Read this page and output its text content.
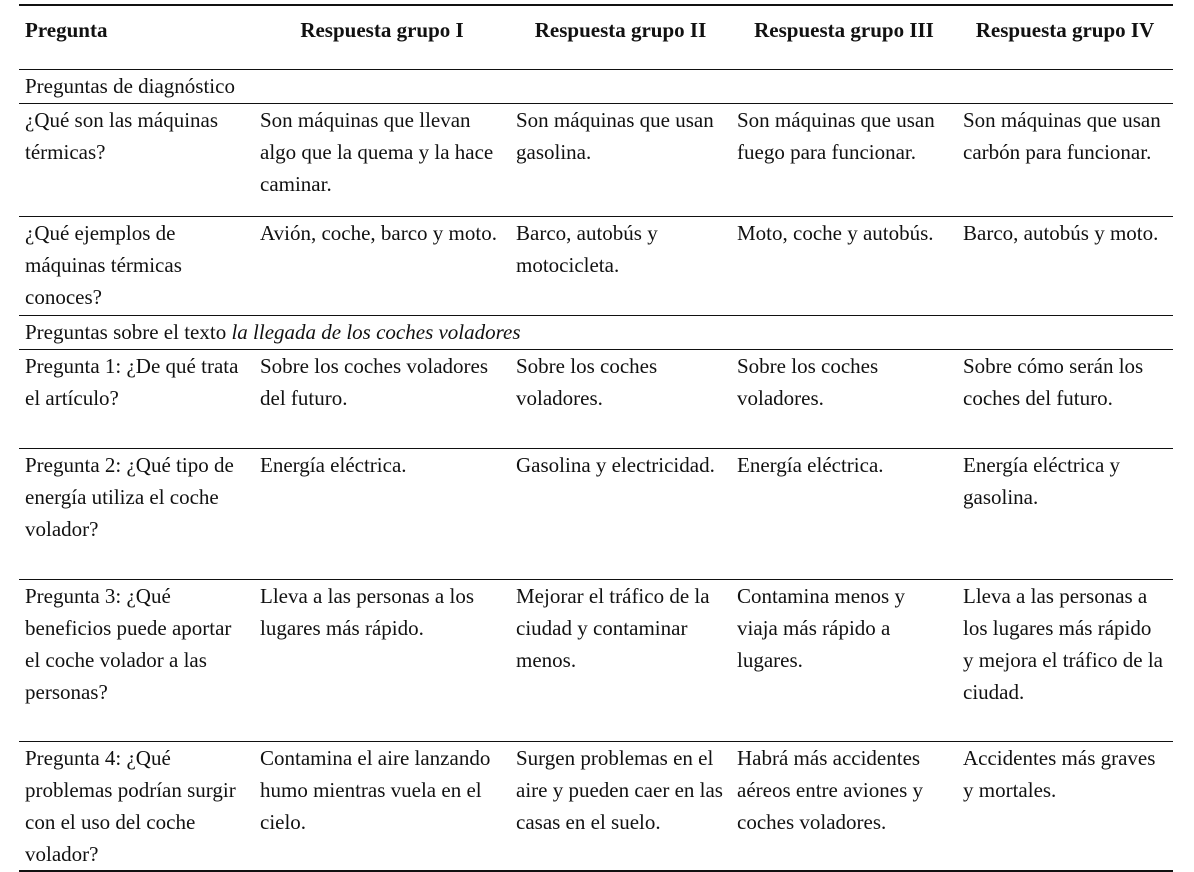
Pregunta	Respuesta grupo I	Respuesta grupo II	Respuesta grupo III	Respuesta grupo IV
Preguntas de diagnóstico				
¿Qué son las máquinas térmicas?	Son máquinas que llevan algo que la quema y la hace caminar.	Son máquinas que usan gasolina.	Son máquinas que usan fuego para funcionar.	Son máquinas que usan carbón para funcionar.
¿Qué ejemplos de máquinas térmicas conoces?	Avión, coche, barco y moto.	Barco, autobús y motocicleta.	Moto, coche y autobús.	Barco, autobús y moto.
Preguntas sobre el texto la llegada de los coches voladores				
Pregunta 1: ¿De qué trata el artículo?	Sobre los coches voladores del futuro.	Sobre los coches voladores.	Sobre los coches voladores.	Sobre cómo serán los coches del futuro.
Pregunta 2: ¿Qué tipo de energía utiliza el coche volador?	Energía eléctrica.	Gasolina y electricidad.	Energía eléctrica.	Energía eléctrica y gasolina.
Pregunta 3: ¿Qué beneficios puede aportar el coche volador a las personas?	Lleva a las personas a los lugares más rápido.	Mejorar el tráfico de la ciudad y contaminar menos.	Contamina menos y viaja más rápido a lugares.	Lleva a las personas a los lugares más rápido y mejora el tráfico de la ciudad.
Pregunta 4: ¿Qué problemas podrían surgir con el uso del coche volador?	Contamina el aire lanzando humo mientras vuela en el cielo.	Surgen problemas en el aire y pueden caer en las casas en el suelo.	Habrá más accidentes aéreos entre aviones y coches voladores.	Accidentes más graves y mortales.
